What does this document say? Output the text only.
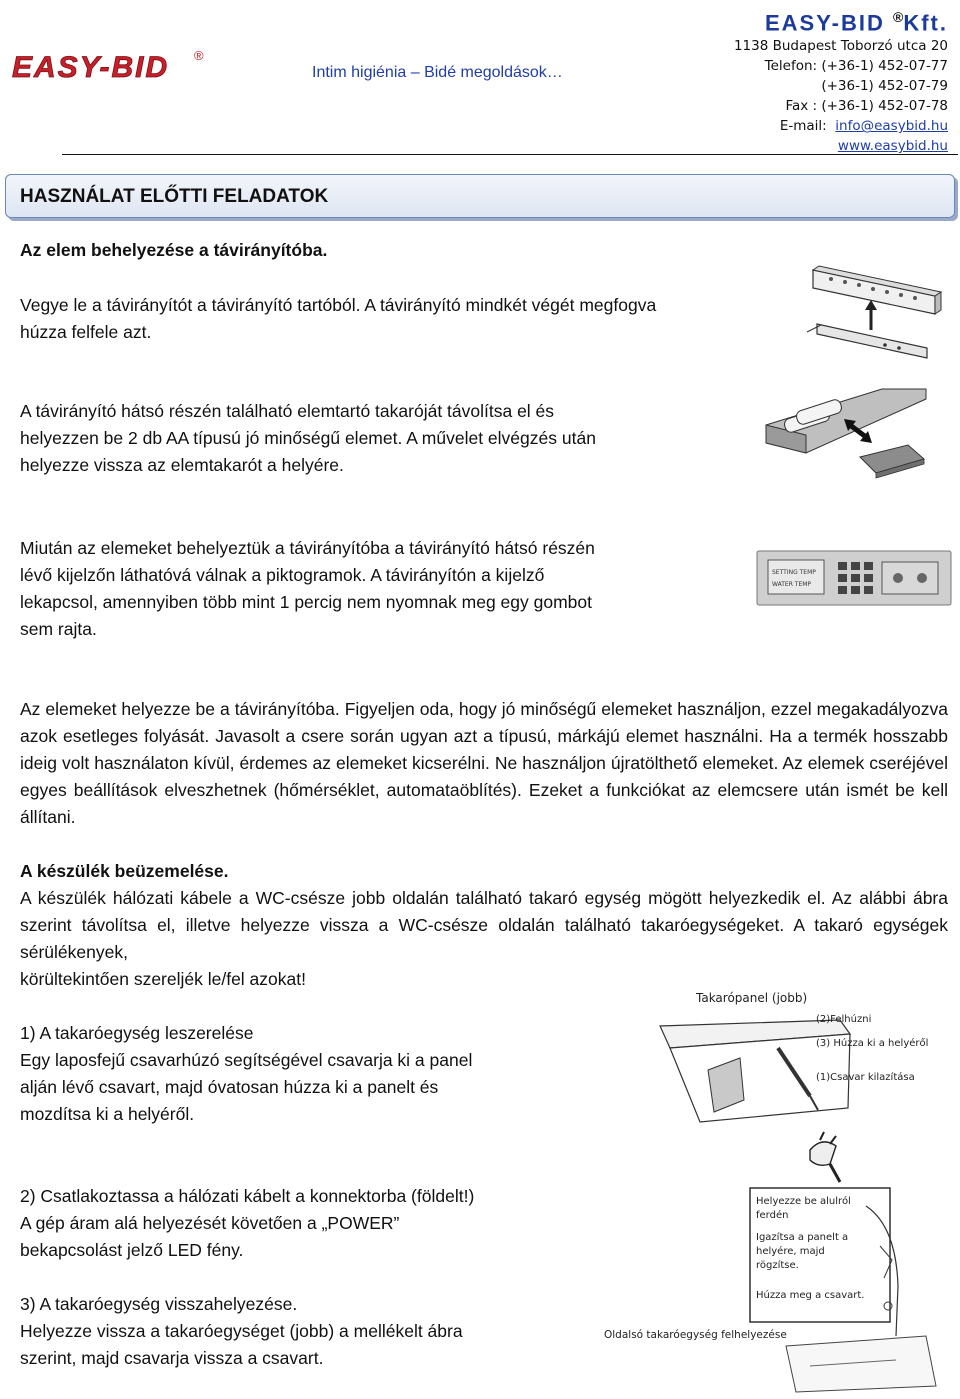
EASY-BID ®
Intim higiénia – Bidé megoldások…
EASY-BID ®Kft.
1138 Budapest Toborzó utca 20
Telefon: (+36-1) 452-07-77
(+36-1) 452-07-79
Fax : (+36-1) 452-07-78
E-mail: info@easybid.hu
www.easybid.hu
HASZNÁLAT ELŐTTI FELADATOK
Az elem behelyezése a távirányítóba.
Vegye le a távirányítót a távirányító tartóból. A távirányító mindkét végét megfogva
húzza felfele azt.
A távirányító hátsó részén található elemtartó takaróját távolítsa el és
helyezzen be 2 db AA típusú jó minőségű elemet. A művelet elvégzés után
helyezze vissza az elemtakarót a helyére.
Miután az elemeket behelyeztük a távirányítóba a távirányító hátsó részén
lévő kijelzőn láthatóvá válnak a piktogramok. A távirányítón a kijelző
lekapcsol, amennyiben több mint 1 percig nem nyomnak meg egy gombot
sem rajta.
Az elemeket helyezze be a távirányítóba. Figyeljen oda, hogy jó minőségű elemeket használjon, ezzel megakadályozva azok esetleges folyását. Javasolt a csere során ugyan azt a típusú, márkájú elemet használni. Ha a termék hosszabb ideig volt használaton kívül, érdemes az elemeket kicserélni. Ne használjon újratölthető elemeket. Az elemek cseréjével egyes beállítások elveszhetnek (hőmérséklet, automataöblítés). Ezeket a funkciókat az elemcsere után ismét be kell állítani.
A készülék beüzemelése.
A készülék hálózati kábele a WC-csésze jobb oldalán található takaró egység mögött helyezkedik el. Az alábbi ábra szerint távolítsa el, illetve helyezze vissza a WC-csésze oldalán található takaróegységeket. A takaró egységek sérülékenyek,
körültekintően szereljék le/fel azokat!
1) A takaróegység leszerelése
Egy laposfejű csavarhúzó segítségével csavarja ki a panel
alján lévő csavart, majd óvatosan húzza ki a panelt és
mozdítsa ki a helyéről.
2) Csatlakoztassa a hálózati kábelt a konnektorba (földelt!)
A gép áram alá helyezését követően a „POWER”
bekapcsolást jelző LED fény.
3) A takaróegység visszahelyezése.
Helyezze vissza a takaróegységet (jobb) a mellékelt ábra
szerint, majd csavarja vissza a csavart.
SETTING TEMP
WATER TEMP
Takarópanel (jobb)
(2)Felhúzni
(3) Húzza ki a helyéről
(1)Csavar kilazítása
Helyezze be alulról
ferdén
Igazítsa a panelt a
helyére, majd
rögzítse.
Húzza meg a csavart.
Oldalsó takaróegység felhelyezése
